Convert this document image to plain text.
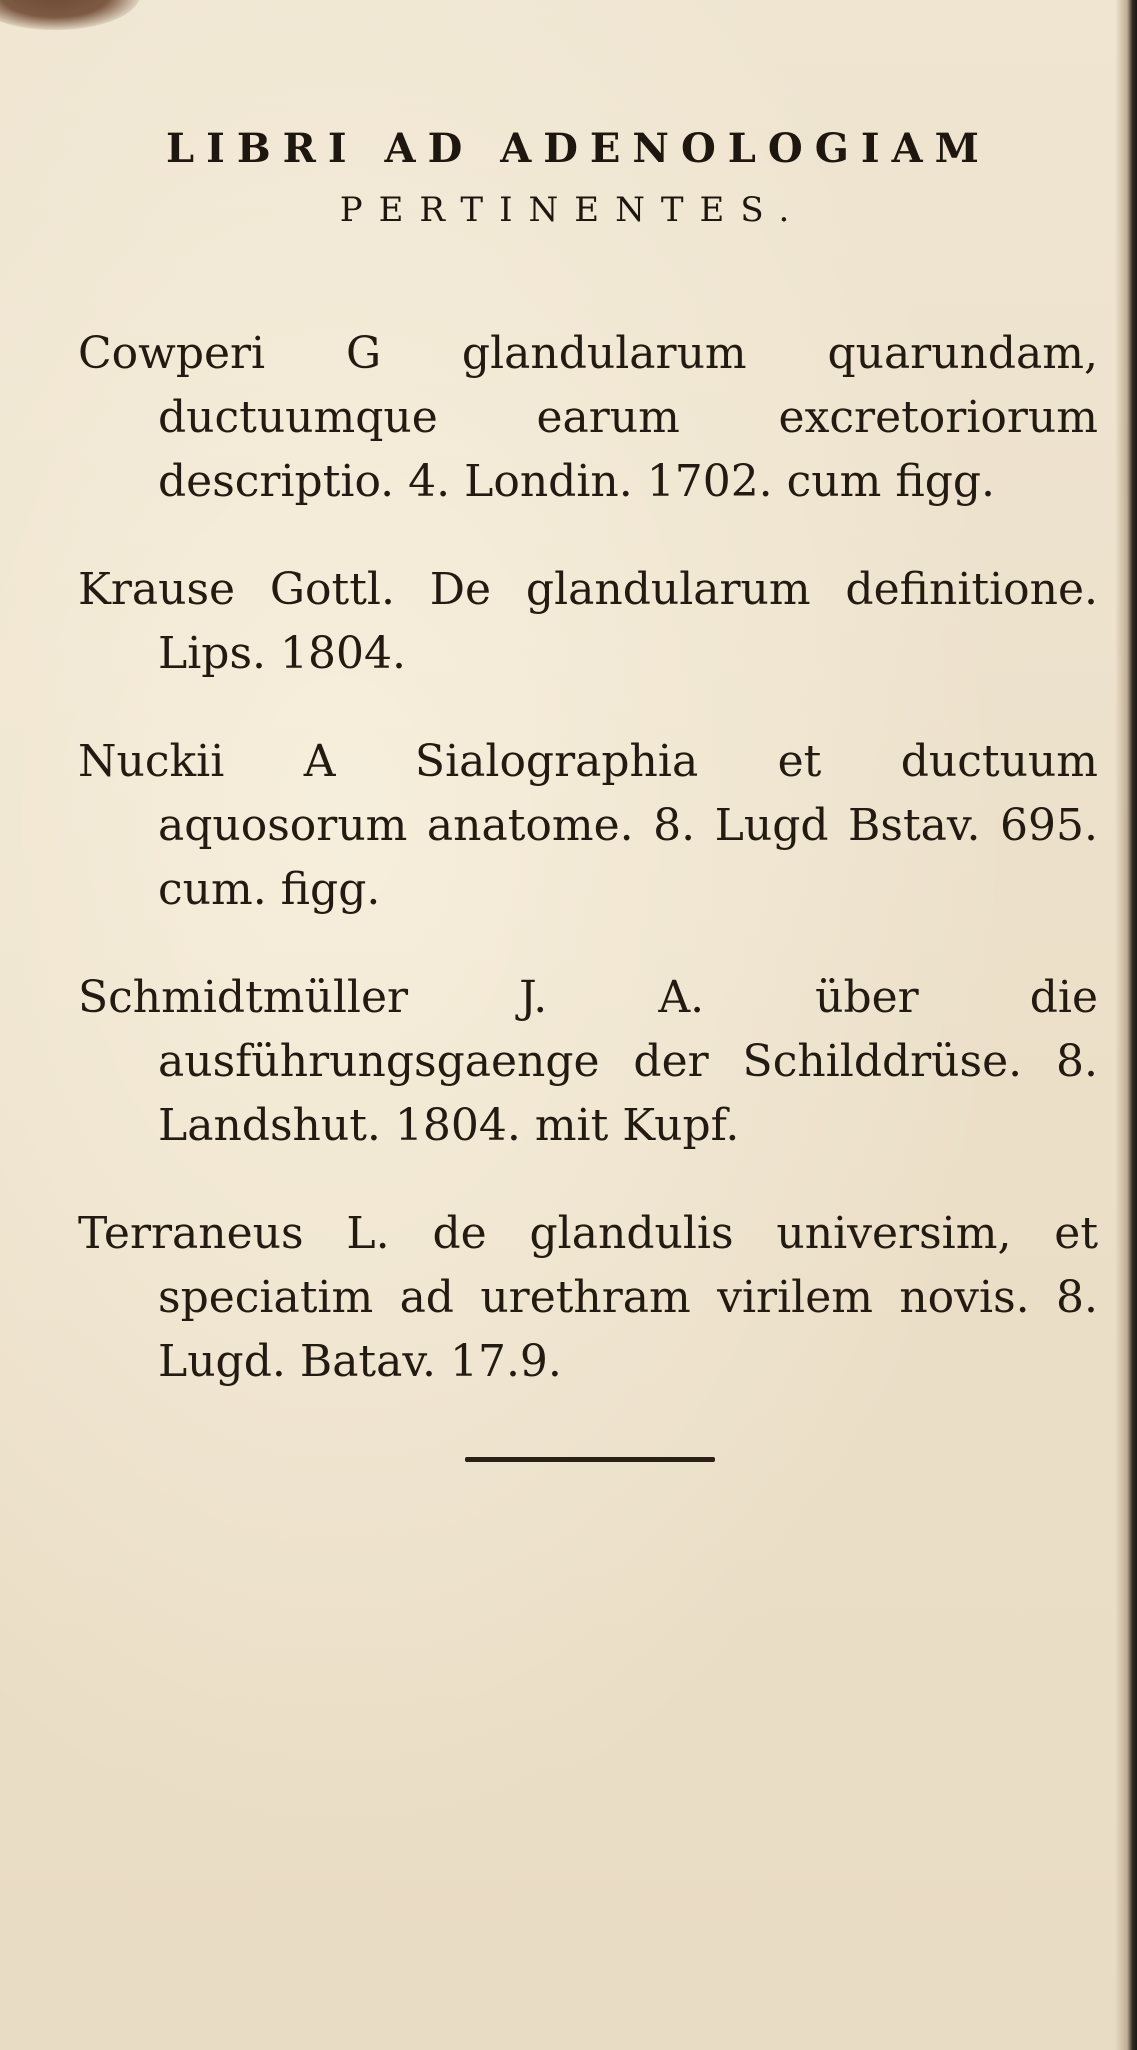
LIBRI AD ADENOLOGIAM
PERTINENTES.

Cowperi G glandularum quarundam, ductuumque earum excretoriorum descriptio. 4. Londin. 1702. cum figg.

Krause Gottl. De glandularum definitione. Lips. 1804.

Nuckii A Sialographia et ductuum aquosorum anatome. 8. Lugd Bstav. 695. cum. figg.

Schmidtmüller J. A. über die ausführungsgaenge der Schilddrüse. 8. Landshut. 1804. mit Kupf.

Terraneus L. de glandulis universim, et speciatim ad urethram virilem novis. 8. Lugd. Batav. 17.9.
